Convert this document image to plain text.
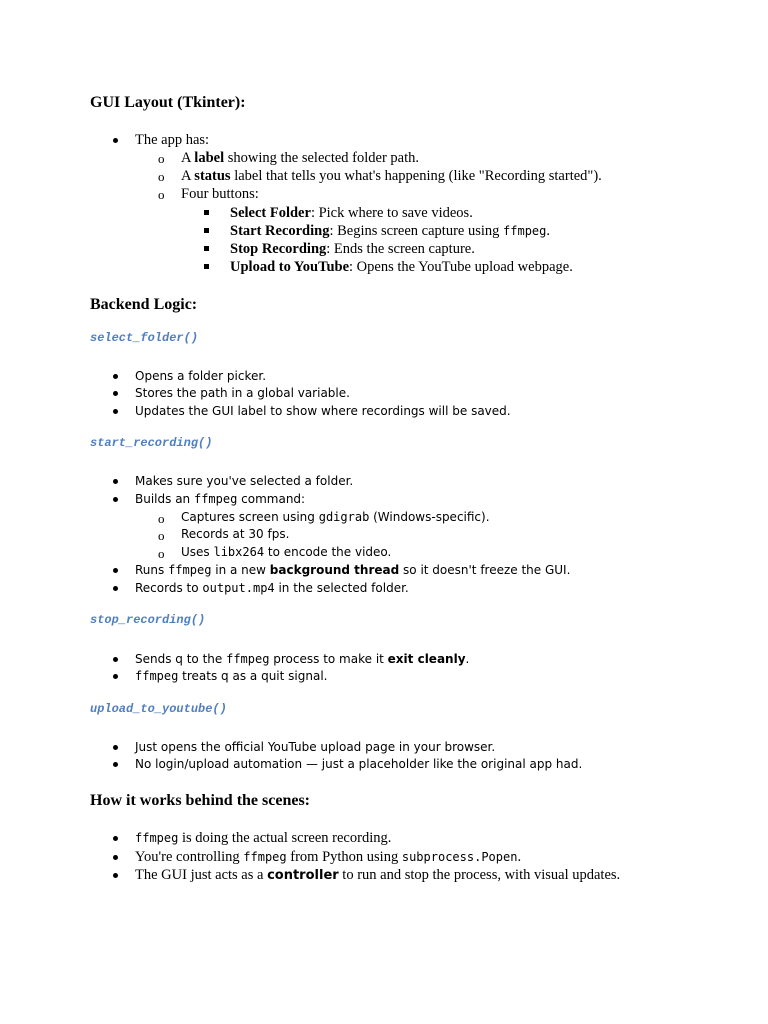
GUI Layout (Tkinter):
The app has:
o A label showing the selected folder path.
o A status label that tells you what's happening (like "Recording started").
o Four buttons:
Select Folder: Pick where to save videos.
Start Recording: Begins screen capture using ffmpeg.
Stop Recording: Ends the screen capture.
Upload to YouTube: Opens the YouTube upload webpage.
Backend Logic:
select_folder()
Opens a folder picker.
Stores the path in a global variable.
Updates the GUI label to show where recordings will be saved.
start_recording()
Makes sure you've selected a folder.
Builds an ffmpeg command:
o Captures screen using gdigrab (Windows-specific).
o Records at 30 fps.
o Uses libx264 to encode the video.
Runs ffmpeg in a new background thread so it doesn't freeze the GUI.
Records to output.mp4 in the selected folder.
stop_recording()
Sends q to the ffmpeg process to make it exit cleanly.
ffmpeg treats q as a quit signal.
upload_to_youtube()
Just opens the official YouTube upload page in your browser.
No login/upload automation — just a placeholder like the original app had.
How it works behind the scenes:
ffmpeg is doing the actual screen recording.
You're controlling ffmpeg from Python using subprocess.Popen.
The GUI just acts as a controller to run and stop the process, with visual updates.
